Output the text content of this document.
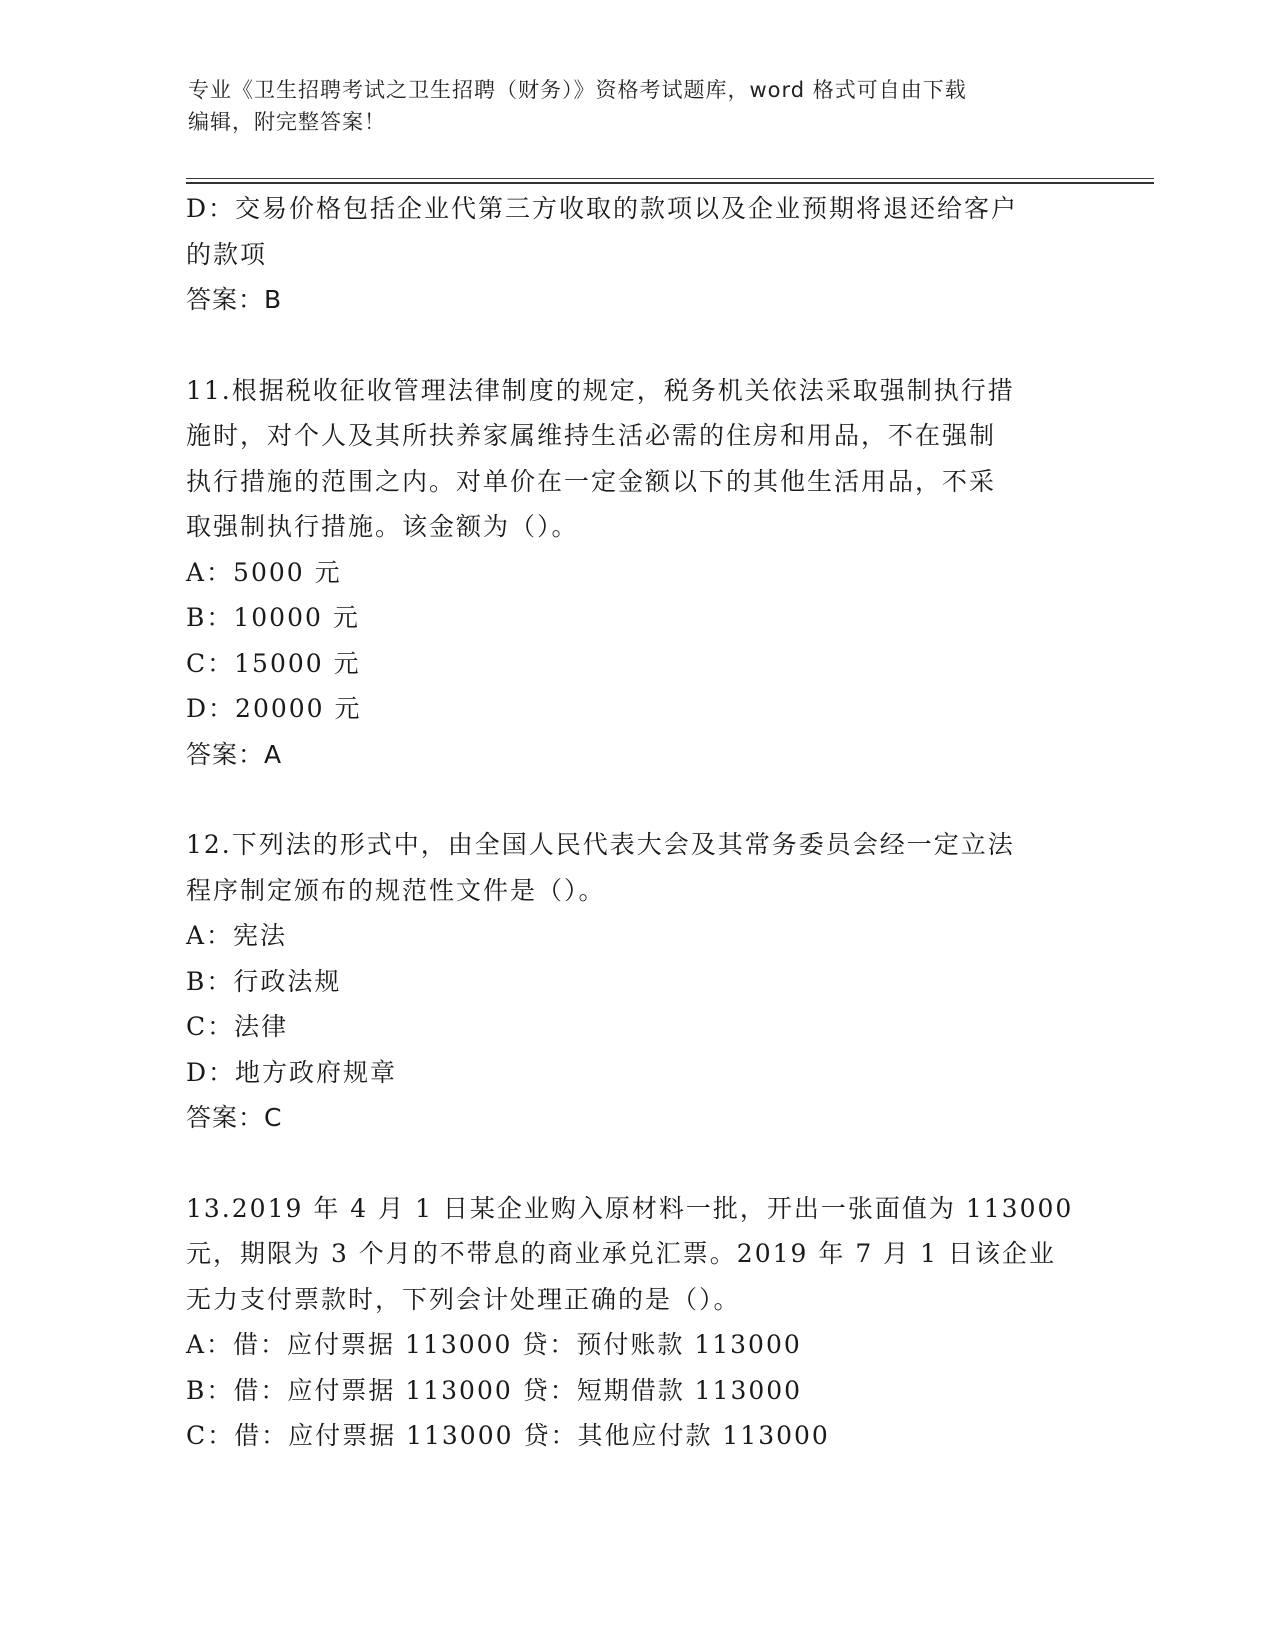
专业《卫生招聘考试之卫生招聘（财务）》资格考试题库，word 格式可自由下载
编辑，附完整答案！
D：交易价格包括企业代第三方收取的款项以及企业预期将退还给客户
的款项
答案：B
11.根据税收征收管理法律制度的规定，税务机关依法采取强制执行措
施时，对个人及其所扶养家属维持生活必需的住房和用品，不在强制
执行措施的范围之内。对单价在一定金额以下的其他生活用品，不采
取强制执行措施。该金额为（）。
A：5000 元
B：10000 元
C：15000 元
D：20000 元
答案：A
12.下列法的形式中，由全国人民代表大会及其常务委员会经一定立法
程序制定颁布的规范性文件是（）。
A：宪法
B：行政法规
C：法律
D：地方政府规章
答案：C
13.2019 年 4 月 1 日某企业购入原材料一批，开出一张面值为 113000
元，期限为 3 个月的不带息的商业承兑汇票。2019 年 7 月 1 日该企业
无力支付票款时，下列会计处理正确的是（）。
A：借：应付票据 113000 贷：预付账款 113000
B：借：应付票据 113000 贷：短期借款 113000
C：借：应付票据 113000 贷：其他应付款 113000
